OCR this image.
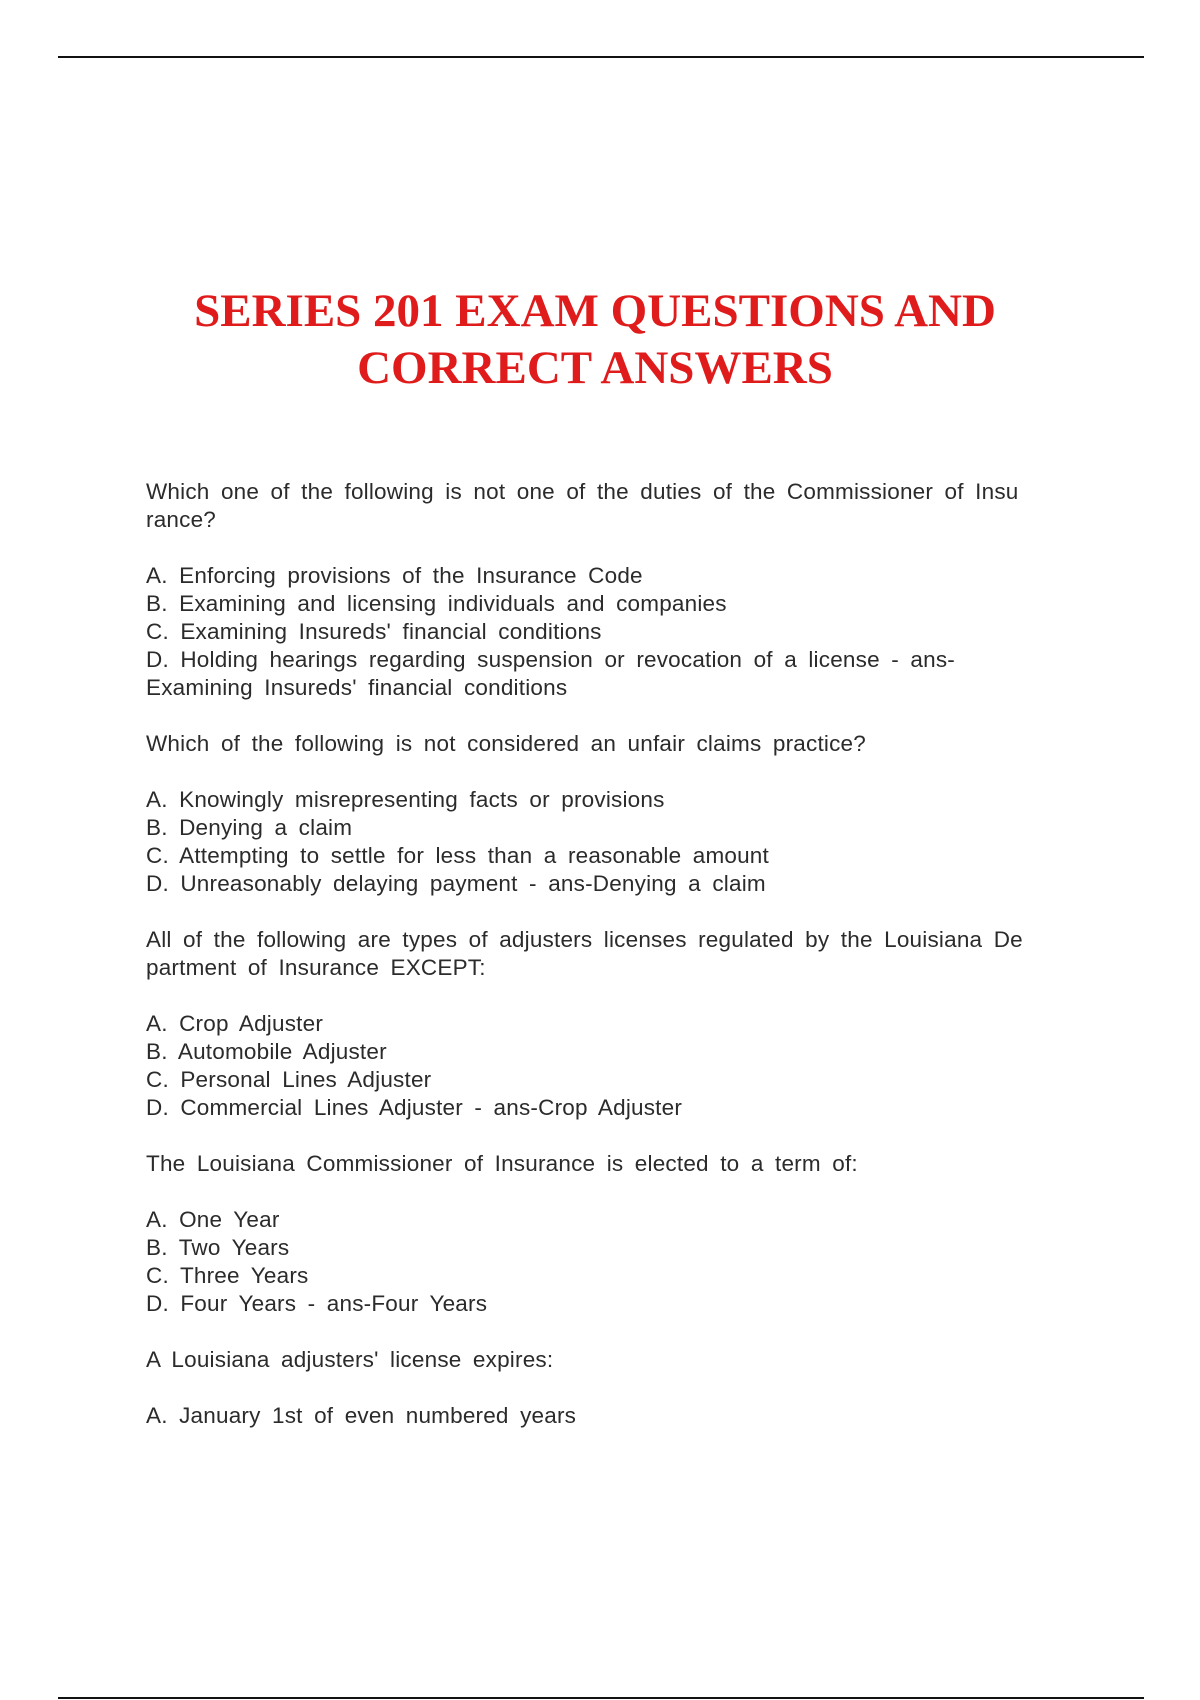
SERIES 201 EXAM QUESTIONS AND
CORRECT ANSWERS

Which one of the following is not one of the duties of the Commissioner of Insu
rance?

A. Enforcing provisions of the Insurance Code
B. Examining and licensing individuals and companies
C. Examining Insureds' financial conditions
D. Holding hearings regarding suspension or revocation of a license - ans-
Examining Insureds' financial conditions

Which of the following is not considered an unfair claims practice?

A. Knowingly misrepresenting facts or provisions
B. Denying a claim
C. Attempting to settle for less than a reasonable amount
D. Unreasonably delaying payment - ans-Denying a claim

All of the following are types of adjusters licenses regulated by the Louisiana De
partment of Insurance EXCEPT:

A. Crop Adjuster
B. Automobile Adjuster
C. Personal Lines Adjuster
D. Commercial Lines Adjuster - ans-Crop Adjuster

The Louisiana Commissioner of Insurance is elected to a term of:

A. One Year
B. Two Years
C. Three Years
D. Four Years - ans-Four Years

A Louisiana adjusters' license expires:

A. January 1st of even numbered years
